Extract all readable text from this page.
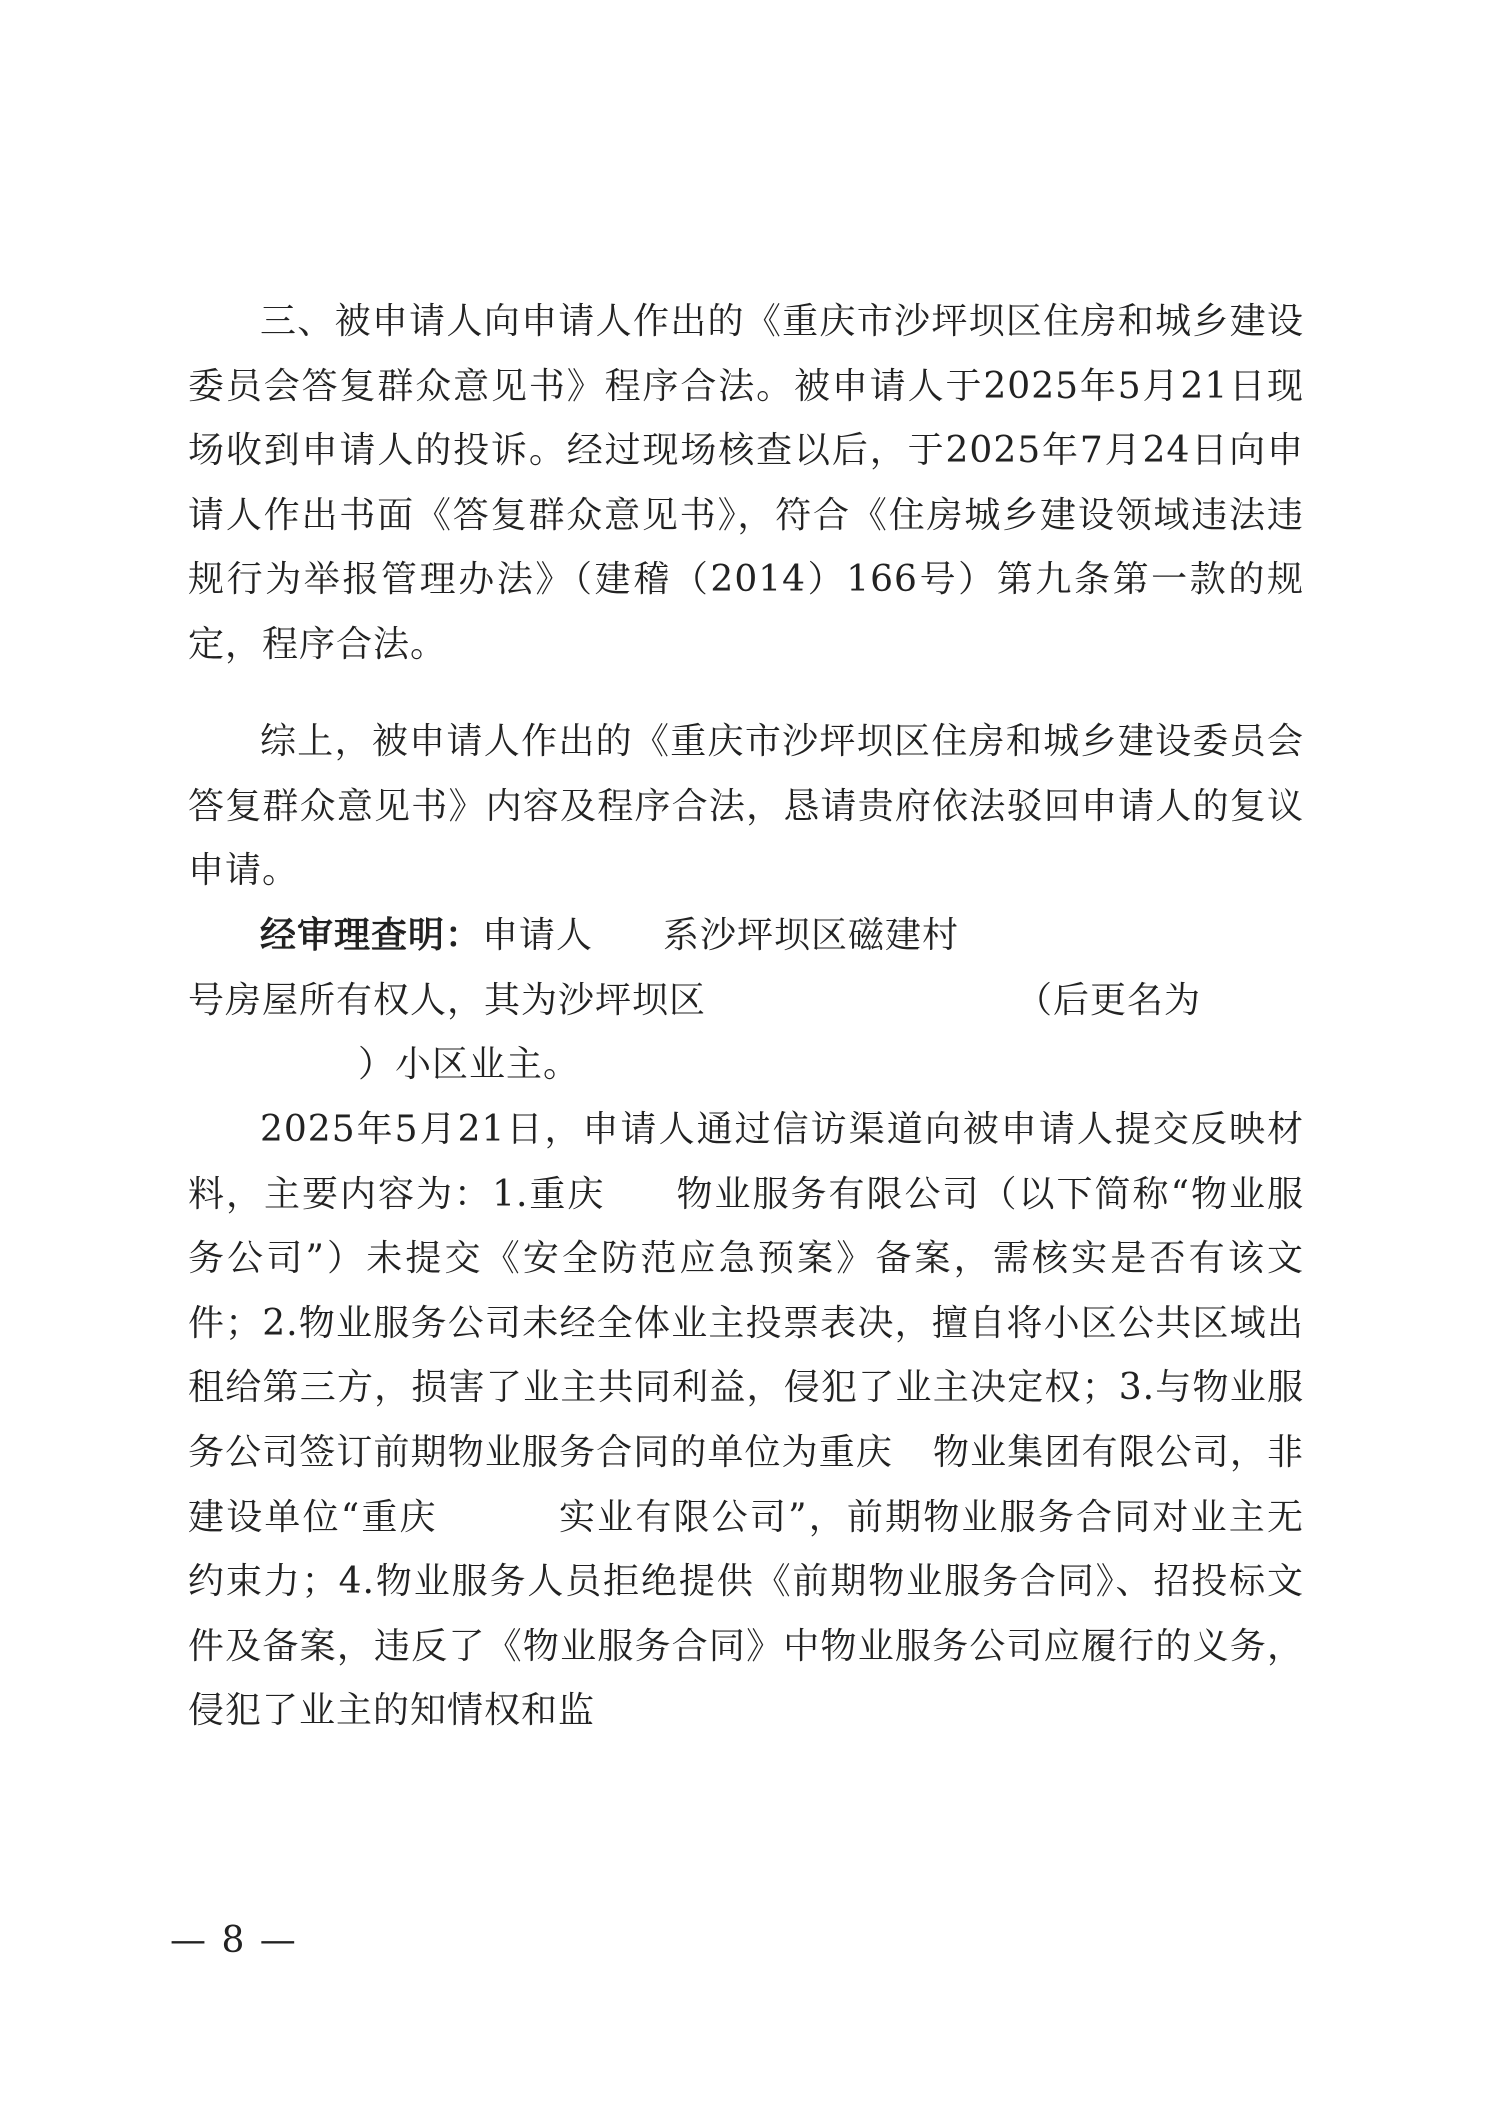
三、被申请人向申请人作出的《重庆市沙坪坝区住房和城乡建设委员会答复群众意见书》程序合法。被申请人于2025年5月21日现场收到申请人的投诉。经过现场核查以后，于2025年7月24日向申请人作出书面《答复群众意见书》，符合《住房城乡建设领域违法违规行为举报管理办法》（建稽（2014）166号）第九条第一款的规定，程序合法。

综上，被申请人作出的《重庆市沙坪坝区住房和城乡建设委员会答复群众意见书》内容及程序合法，恳请贵府依法驳回申请人的复议申请。

经审理查明：申请人 系沙坪坝区磁建村
号房屋所有权人，其为沙坪坝区	（后更名为
）小区业主。

2025年5月21日，申请人通过信访渠道向被申请人提交反映材料，主要内容为：1.重庆 物业服务有限公司（以下简称“物业服务公司”）未提交《安全防范应急预案》备案，需核实是否有该文件；2.物业服务公司未经全体业主投票表决，擅自将小区公共区域出租给第三方，损害了业主共同利益，侵犯了业主决定权；3.与物业服务公司签订前期物业服务合同的单位为重庆 物业集团有限公司，非建设单位“重庆	实业有限公司”，前期物业服务合同对业主无约束力；4.物业服务人员拒绝提供《前期物业服务合同》、招投标文件及备案，违反了《物业服务合同》中物业服务公司应履行的义务，侵犯了业主的知情权和监

— 8 —
